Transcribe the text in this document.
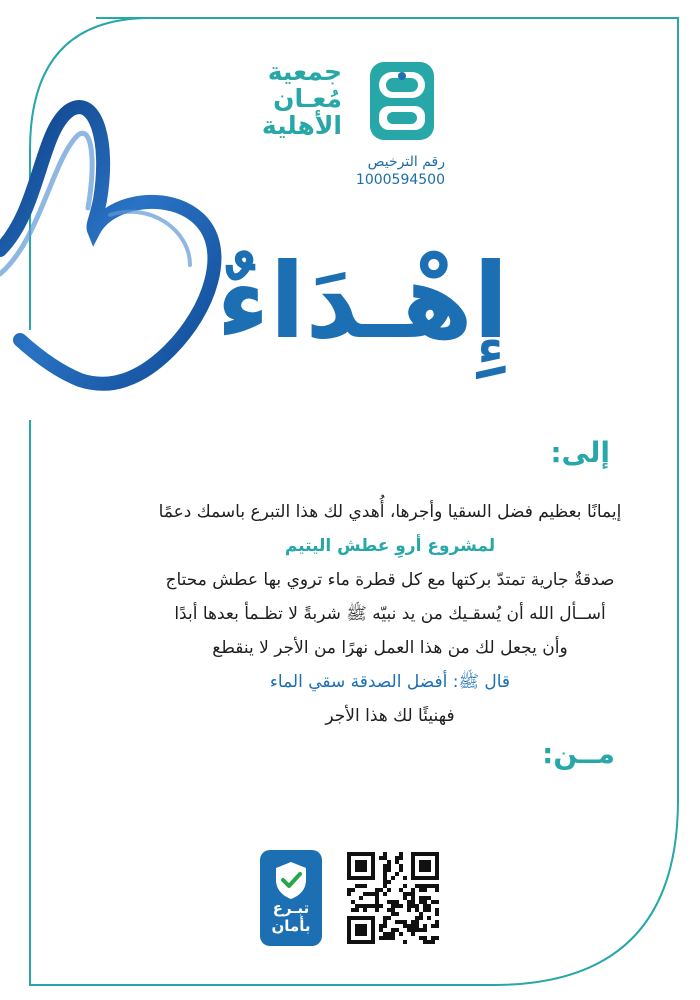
جمعية
مُعـان
الأهلية
رقم الترخيص
1000594500
إِهْـدَاءٌ
إلى:
إيمانًا بعظيم فضل السقيا وأجرها، أُهدي لك هذا التبرع باسمك دعمًا
لمشروع أروِ عطش اليتيم
صدقةٌ جارية تمتدّ بركتها مع كل قطرة ماء تروي بها عطش محتاج
أســأل الله أن يُسقـيك من يد نبيّه ﷺ شربةً لا تظـمأ بعدها أبدًا
وأن يجعل لك من هذا العمل نهرًا من الأجر لا ينقطع
قال ﷺ: أفضل الصدقة سقي الماء
فهنيئًا لك هذا الأجر
مــن:
تبـرع
بأمان
